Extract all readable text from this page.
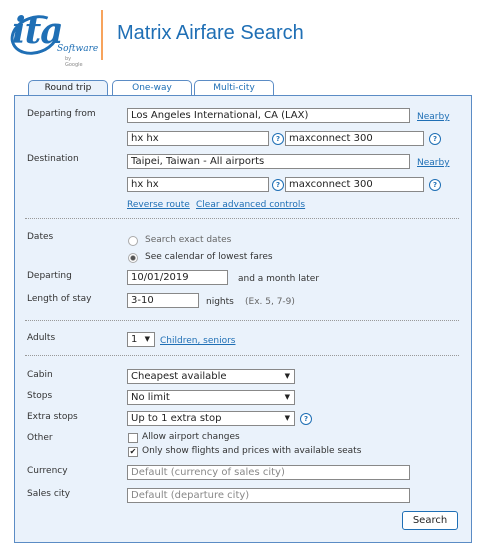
ita
Software
by Google
Matrix Airfare Search
Round trip	One-way	Multi-city
Departing from	Los Angeles International, CA (LAX)	Nearby
hx hx	? maxconnect 300	?
Destination	Taipei, Taiwan - All airports	Nearby
hx hx	? maxconnect 300	?
Reverse route Clear advanced controls
Dates	Search exact dates
See calendar of lowest fares
Departing	10/01/2019	and a month later
Length of stay	3-10	nights (Ex. 5, 7-9)
Adults	1 ▼ Children, seniors
Cabin	Cheapest available	▼
Stops	No limit	▼
Extra stops	Up to 1 extra stop	▼	?
Other	Allow airport changes
✔ Only show flights and prices with available seats
Currency	Default (currency of sales city)
Sales city	Default (departure city)
Search
